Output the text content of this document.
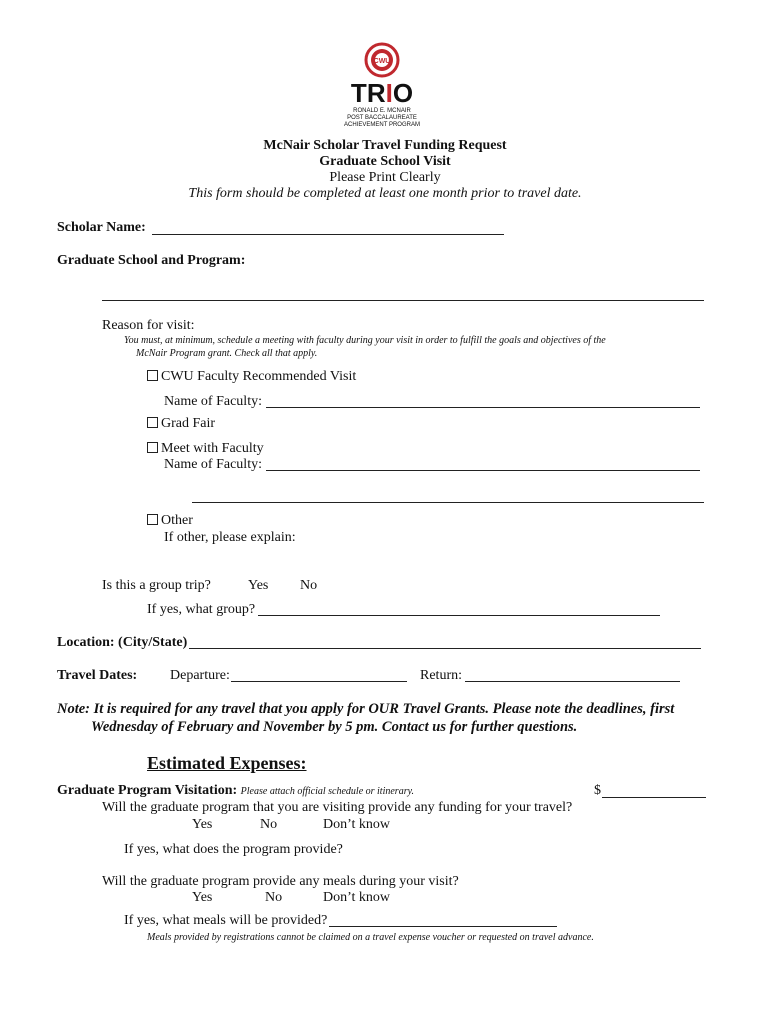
CWU
TRIO
RONALD E. MCNAIR
POST BACCALAUREATE
ACHIEVEMENT PROGRAM
McNair Scholar Travel Funding Request
Graduate School Visit
Please Print Clearly
This form should be completed at least one month prior to travel date.
Scholar Name:
Graduate School and Program:
Reason for visit:
You must, at minimum, schedule a meeting with faculty during your visit in order to fulfill the goals and objectives of the
McNair Program grant. Check all that apply.
CWU Faculty Recommended Visit
Name of Faculty:
Grad Fair
Meet with Faculty
Name of Faculty:
Other
If other, please explain:
Is this a group trip?	Yes No
If yes, what group?
Location: (City/State)
Travel Dates: Departure:	Return:
Note: It is required for any travel that you apply for OUR Travel Grants. Please note the deadlines, first
Wednesday of February and November by 5 pm. Contact us for further questions.
Estimated Expenses:
Graduate Program Visitation: Please attach official schedule or itinerary.	$
Will the graduate program that you are visiting provide any funding for your travel?
Yes	No	Don’t know
If yes, what does the program provide?
Will the graduate program provide any meals during your visit?
Yes	No	Don’t know
If yes, what meals will be provided?
Meals provided by registrations cannot be claimed on a travel expense voucher or requested on travel advance.
